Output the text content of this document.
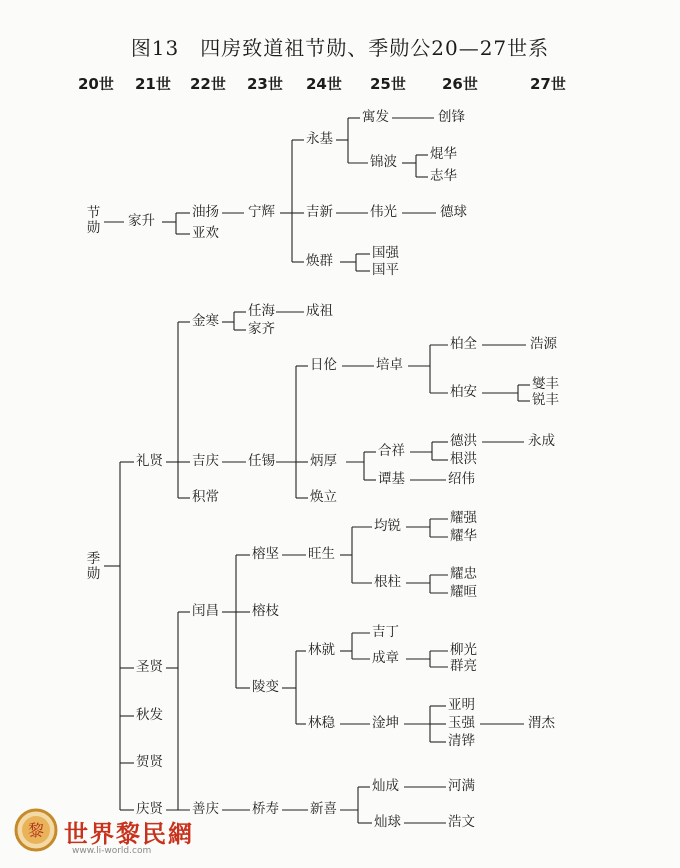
图13　四房致道祖节勋、季勋公20—27世系
20世 21世 22世 23世 24世 25世 26世	27世
节勋
季勋
家升
油扬
亚欢
宁辉
永基
吉新
焕群
寓发
锦波
伟光
国强
国平
创锋
焜华
志华
德球
礼贤
圣贤
秋发
贺贤
庆贤
金寒
吉庆
积常
任海
家齐
成祖
任锡
日伦
炳厚
焕立
培卓
合祥
谭基
柏全
柏安
浩源
燮丰
锐丰
德洪
根洪
绍伟
永成
闰昌
榕坚
榕枝
陵变
旺生
均锐
根柱
耀强
耀华
耀忠
耀晅
林就
林稳
吉丁
成章	柳光
群亮
淦坤
亚明
玉强
清铧
渭杰
善庆 桥寿 新喜
灿成
灿球
河满
浩文
黎 世界黎民網
www.li-world.com
